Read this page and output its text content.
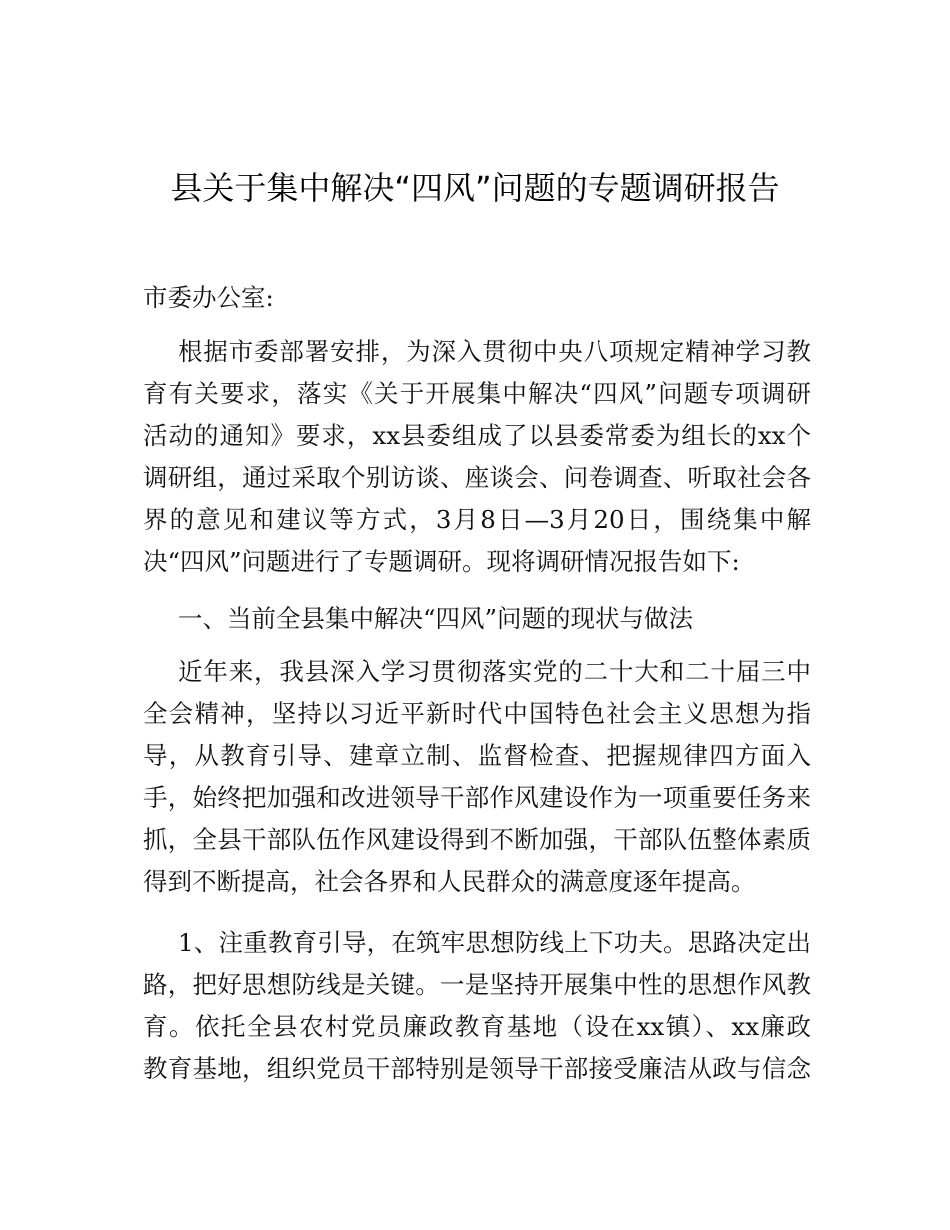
县关于集中解决“四风”问题的专题调研报告
市委办公室:
根据市委部署安排，为深入贯彻中央八项规定精神学习教
育有关要求，落实《关于开展集中解决“四风”问题专项调研
活动的通知》要求，xx县委组成了以县委常委为组长的xx个
调研组，通过采取个别访谈、座谈会、问卷调查、听取社会各
界的意见和建议等方式，3月8日—3月20日，围绕集中解
决“四风”问题进行了专题调研。现将调研情况报告如下:
一、当前全县集中解决“四风”问题的现状与做法
近年来，我县深入学习贯彻落实党的二十大和二十届三中
全会精神，坚持以习近平新时代中国特色社会主义思想为指
导，从教育引导、建章立制、监督检查、把握规律四方面入
手，始终把加强和改进领导干部作风建设作为一项重要任务来
抓，全县干部队伍作风建设得到不断加强，干部队伍整体素质
得到不断提高，社会各界和人民群众的满意度逐年提高。
1、注重教育引导，在筑牢思想防线上下功夫。思路决定出
路，把好思想防线是关键。一是坚持开展集中性的思想作风教
育。依托全县农村党员廉政教育基地（设在xx镇）、xx廉政
教育基地，组织党员干部特别是领导干部接受廉洁从政与信念
